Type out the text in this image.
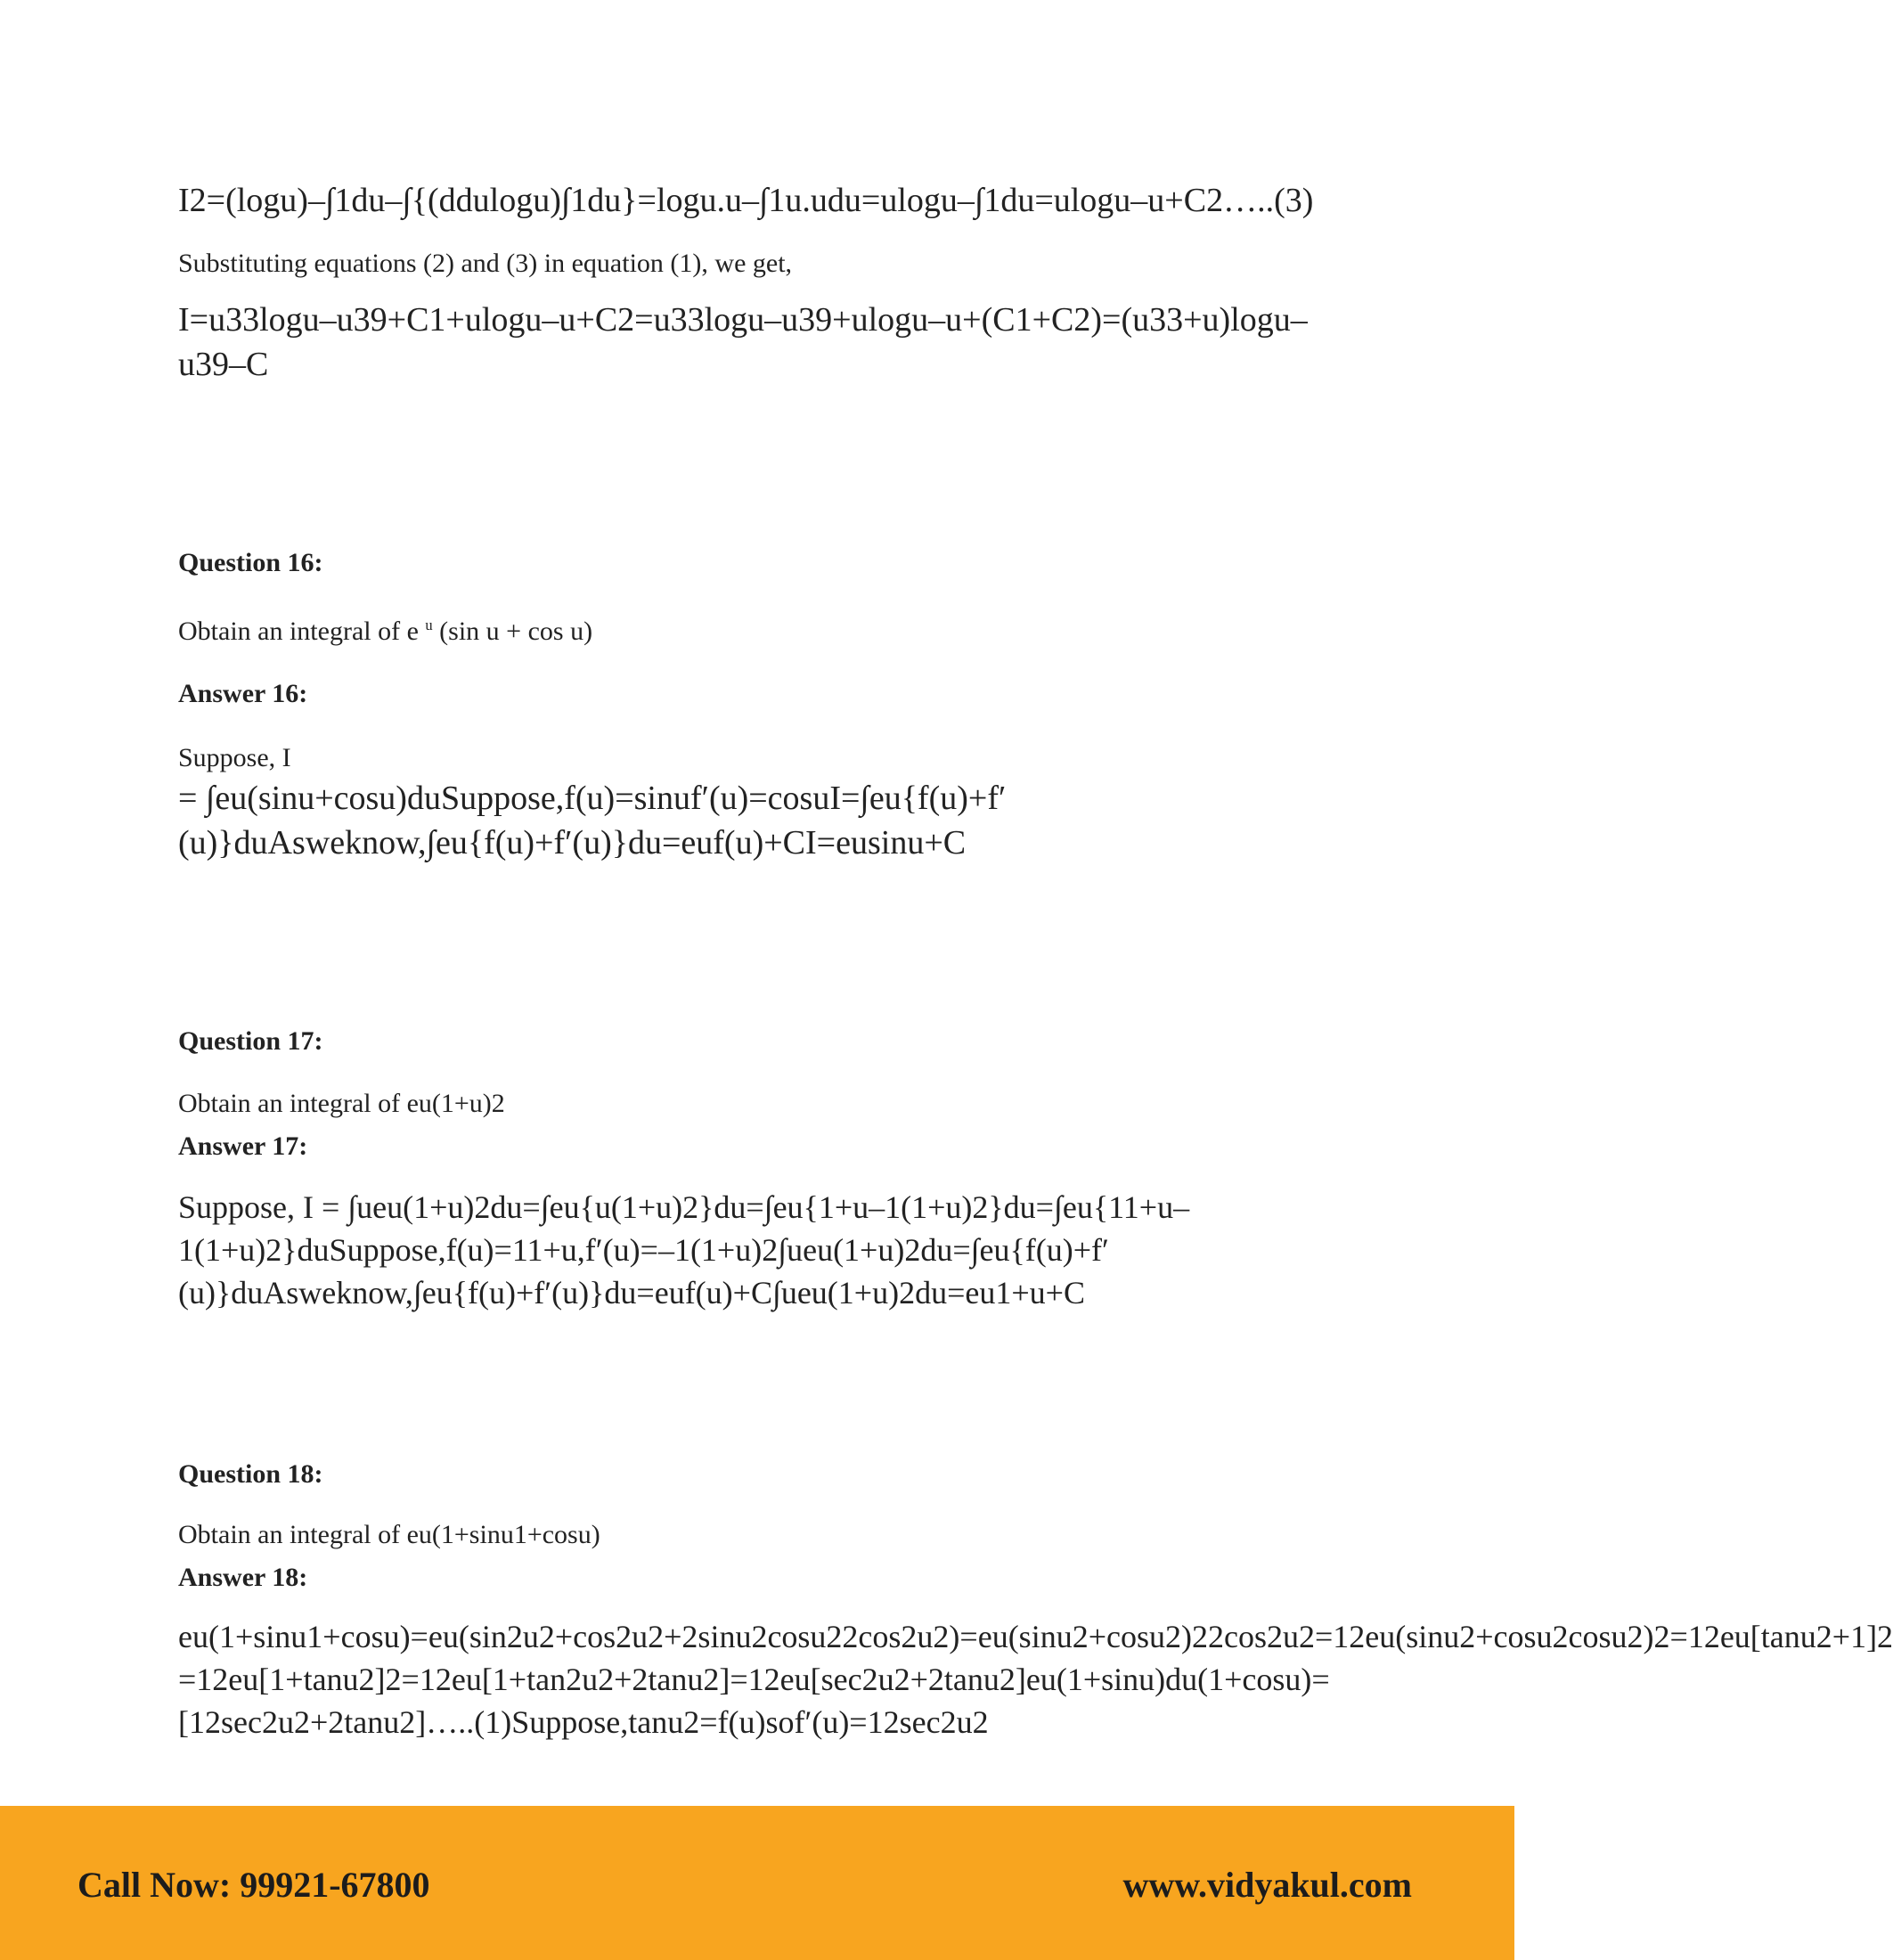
I2=(logu)–∫1du–∫{(ddulogu)∫1du}=logu.u–∫1u.udu=ulogu–∫1du=ulogu–u+C2…..(3)

Substituting equations (2) and (3) in equation (1), we get,

I=u33logu–u39+C1+ulogu–u+C2=u33logu–u39+ulogu–u+(C1+C2)=(u33+u)logu–u39–C

Question 16:

Obtain an integral of e $^u$ (sin u + cos u)

Answer 16:

Suppose, I

= ∫eu(sinu+cosu)duSuppose,f(u)=sinuf′(u)=cosuI=∫eu{f(u)+f′(u)}duAsweknow,∫eu{f(u)+f′(u)}du=euf(u)+CI=eusinu+C

Question 17:

Obtain an integral of eu(1+u)2

Answer 17:

Suppose, I = ∫ueu(1+u)2du=∫eu{u(1+u)2}du=∫eu{1+u–1(1+u)2}du=∫eu{11+u–1(1+u)2}duSuppose,f(u)=11+u,f′(u)=–1(1+u)2∫ueu(1+u)2du=∫eu{f(u)+f′(u)}duAsweknow,∫eu{f(u)+f′(u)}du=euf(u)+C∫ueu(1+u)2du=eu1+u+C

Question 18:

Obtain an integral of eu(1+sinu1+cosu)

Answer 18:

eu(1+sinu1+cosu)=eu(sin2u2+cos2u2+2sinu2cosu22cos2u2)=eu(sinu2+cosu2)22cos2u2=12eu(sinu2+cosu2cosu2)2=12eu[tanu2+1]2 =12eu[1+tanu2]2=12eu[1+tan2u2+2tanu2]=12eu[sec2u2+2tanu2]eu(1+sinu)du(1+cosu)=[12sec2u2+2tanu2]…..(1)Suppose,tanu2=f(u)sof′(u)=12sec2u2

Call Now: 99921-67800	www.vidyakul.com
